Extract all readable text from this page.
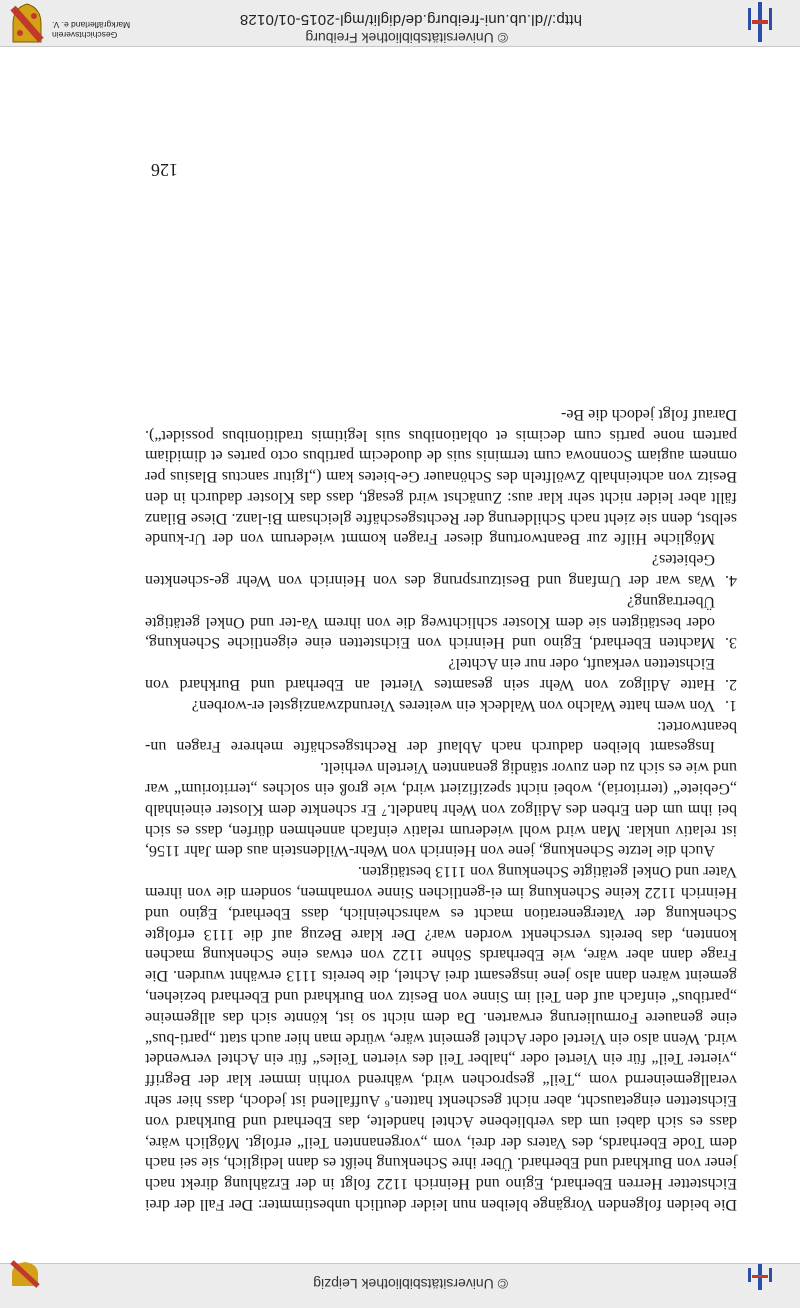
© Universitätsbibliothek Leipzig

Die beiden folgenden Vorgänge bleiben nun leider deutlich unbestimmter: Der Fall der drei Eichstetter Herren Eberhard, Egino und Heinrich 1122 folgt in der Erzählung direkt nach jener von Burkhard und Eberhard. Über ihre Schenkung heißt es dann lediglich, sie sei nach dem Tode Eberhards, des Vaters der drei, vom „vorgenannten Teil“ erfolgt. Möglich wäre, dass es sich dabei um das verbliebene Achtel handelte, das Eberhard und Burkhard von Eichstetten eingetauscht, aber nicht geschenkt hatten.⁶ Auffallend ist jedoch, dass hier sehr verallgemeinernd vom „Teil“ gesprochen wird, während vorhin immer klar der Begriff „vierter Teil“ für ein Viertel oder „halber Teil des vierten Teiles“ für ein Achtel verwendet wird. Wenn also ein Viertel oder Achtel gemeint wäre, würde man hier auch statt „parti-bus“ eine genauere Formulierung erwarten. Da dem nicht so ist, könnte sich das allgemeine „partibus“ einfach auf den Teil im Sinne von Besitz von Burkhard und Eberhard beziehen, gemeint wären dann also jene insgesamt drei Achtel, die bereits 1113 erwähnt wurden. Die Frage dann aber wäre, wie Eberhards Söhne 1122 von etwas eine Schenkung machen konnten, das bereits verschenkt worden war? Der klare Bezug auf die 1113 erfolgte Schenkung der Vatergeneration macht es wahrscheinlich, dass Eberhard, Egino und Heinrich 1122 keine Schenkung im ei-gentlichen Sinne vornahmen, sondern die von ihrem Vater und Onkel getätigte Schenkung von 1113 bestätigten.

Auch die letzte Schenkung, jene von Heinrich von Wehr-Wildenstein aus dem Jahr 1156, ist relativ unklar. Man wird wohl wiederum relativ einfach annehmen dürfen, dass es sich bei ihm um den Erben des Adilgoz von Wehr handelt.⁷ Er schenkte dem Kloster eineinhalb „Gebiete“ (territoria), wobei nicht spezifiziert wird, wie groß ein solches „territorium“ war und wie es sich zu den zuvor ständig genannten Vierteln verhielt.

Insgesamt bleiben dadurch nach Ablauf der Rechtsgeschäfte mehrere Fragen un-beantwortet:

1.Von wem hatte Walcho von Waldeck ein weiteres Vierundzwanzigstel er-worben?
2.Hatte Adilgoz von Wehr sein gesamtes Viertel an Eberhard und Burkhard von Eichstetten verkauft, oder nur ein Achtel?
3.Machten Eberhard, Egino und Heinrich von Eichstetten eine eigentliche Schenkung, oder bestätigten sie dem Kloster schlichtweg die von ihrem Va-ter und Onkel getätigte Übertragung?
4.Was war der Umfang und Besitzursprung des von Heinrich von Wehr ge-schenkten Gebietes?

Mögliche Hilfe zur Beantwortung dieser Fragen kommt wiederum von der Ur-kunde selbst, denn sie zieht nach Schilderung der Rechtsgeschäfte gleichsam Bi-lanz. Diese Bilanz fällt aber leider nicht sehr klar aus: Zunächst wird gesagt, dass das Kloster dadurch in den Besitz von achteinhalb Zwölfteln des Schönauer Ge-bietes kam („Igitur sanctus Blasius per omnem augiam Sconnowa cum terminis suis de duodecim partibus octo partes et dimidiam partem none partis cum decimis et oblationibus suis legitimis traditionibus possidet“). Darauf folgt jedoch die Be-

126
© Universitätsbibliothek Freiburg
http://dl.ub.uni-freiburg.de/diglit/mgl-2015-01/0128
Geschichtsverein
Markgräflerland e. V.
